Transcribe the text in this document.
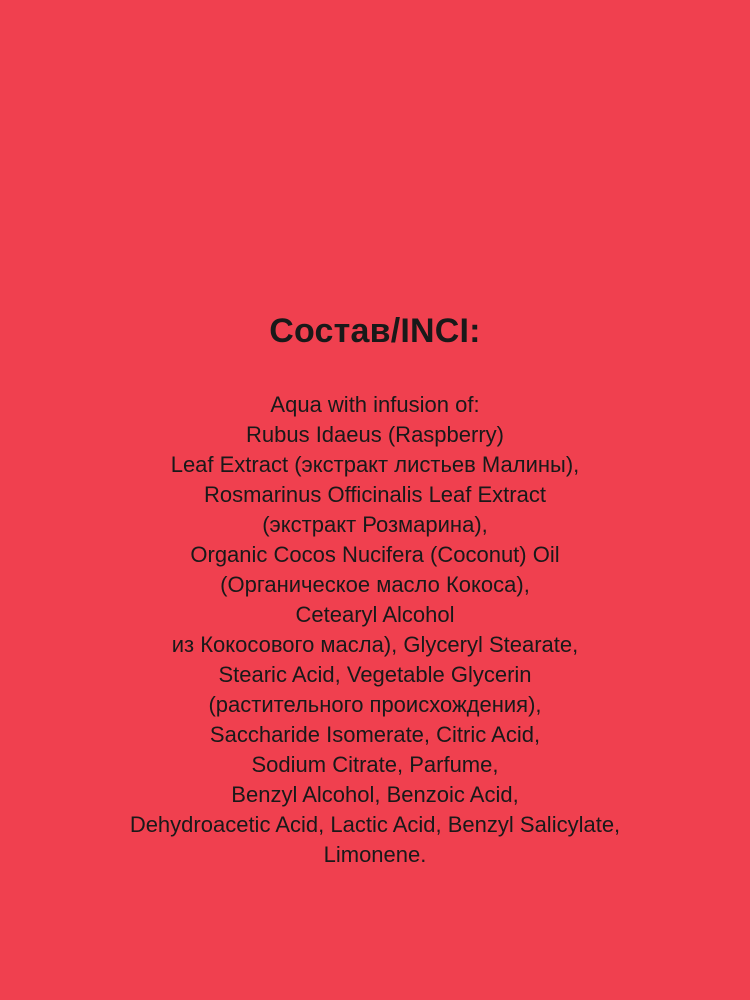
Состав/INCI:
Aqua with infusion of:
Rubus Idaeus (Raspberry)
Leaf Extract (экстракт листьев Малины),
Rosmarinus Officinalis Leaf Extract
(экстракт Розмарина),
Organic Cocos Nucifera (Coconut) Oil
(Органическое масло Кокоса),
Cetearyl Alcohol
из Кокосового масла), Glyceryl Stearate,
Stearic Acid, Vegetable Glycerin
(растительного происхождения),
Saccharide Isomerate, Citric Acid,
Sodium Citrate, Parfume,
Benzyl Alcohol, Benzoic Acid,
Dehydroacetic Acid, Lactic Acid, Benzyl Salicylate,
Limonene.
